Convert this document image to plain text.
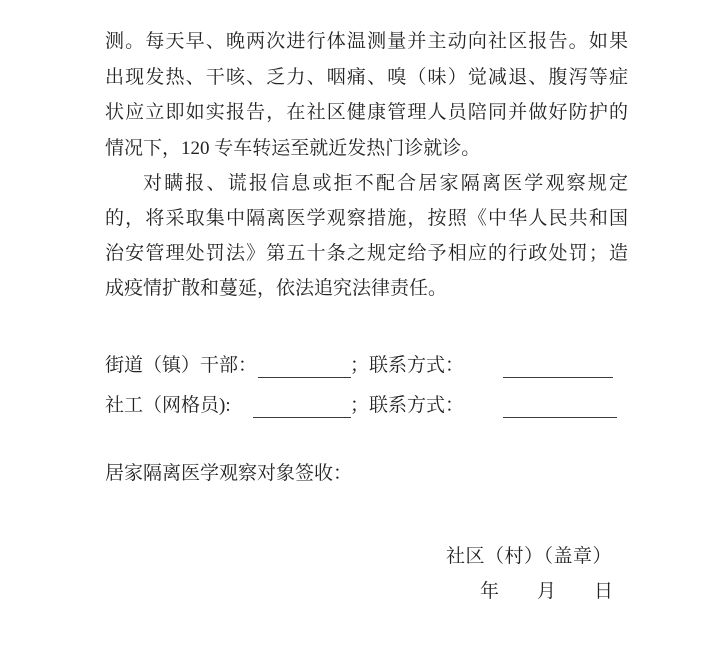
测。每天早、晚两次进行体温测量并主动向社区报告。如果
出现发热、干咳、乏力、咽痛、嗅（味）觉减退、腹泻等症
状应立即如实报告，在社区健康管理人员陪同并做好防护的
情况下，120 专车转运至就近发热门诊就诊。
对瞒报、谎报信息或拒不配合居家隔离医学观察规定
的，将采取集中隔离医学观察措施，按照《中华人民共和国
治安管理处罚法》第五十条之规定给予相应的行政处罚；造
成疫情扩散和蔓延，依法追究法律责任。
街道（镇）干部：	；联系方式：
社工（网格员):	；联系方式：
居家隔离医学观察对象签收：
社区（村）（盖章）
年　　月　　日
